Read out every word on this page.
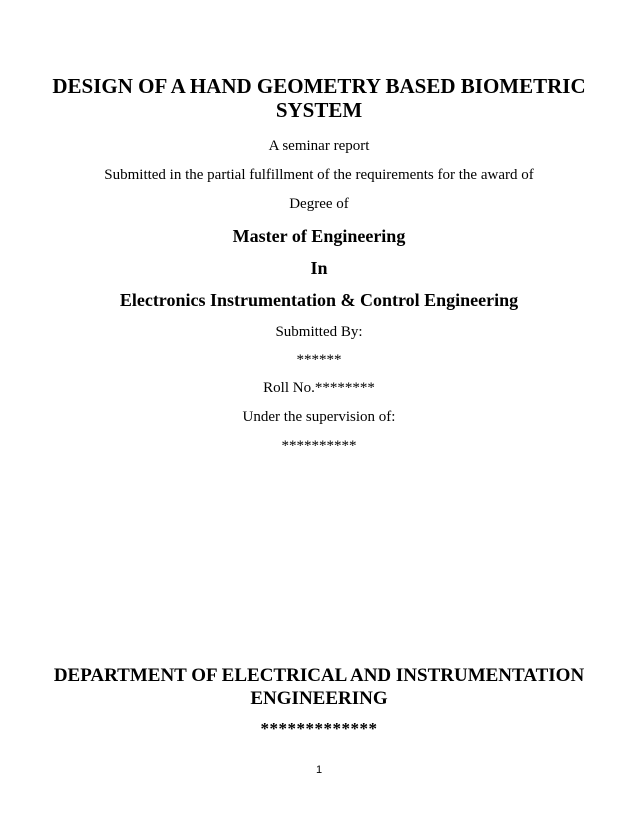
DESIGN OF A HAND GEOMETRY BASED BIOMETRIC
SYSTEM
A seminar report
Submitted in the partial fulfillment of the requirements for the award of
Degree of
Master of Engineering
In
Electronics Instrumentation & Control Engineering
Submitted By:
******
Roll No.********
Under the supervision of:
**********
DEPARTMENT OF ELECTRICAL AND INSTRUMENTATION
ENGINEERING
*************
1
